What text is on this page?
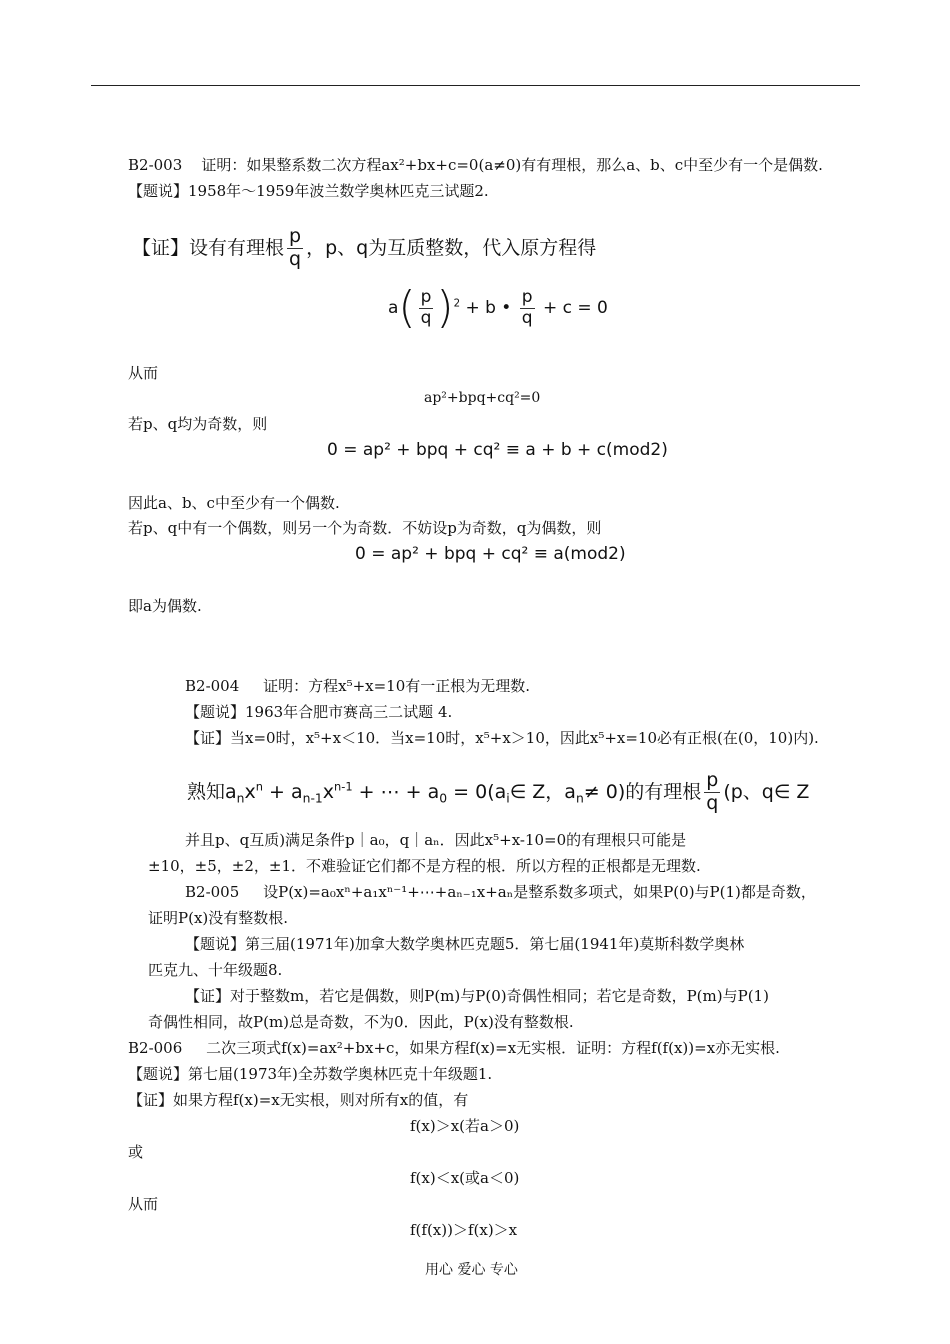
B2-003 证明：如果整系数二次方程ax²+bx+c=0(a≠0)有有理根，那么a、b、c中至少有一个是偶数.
【题说】1958年～1959年波兰数学奥林匹克三试题2.
【证】设有有理根 $\frac{p}{q}$ ，p、q为互质整数，代入原方程得
$a( \frac{p}{q} )^2 + b$ • $\frac{p}{q} + c = 0$
从而
ap²+bpq+cq²=0
若p、q均为奇数，则
0 = ap² + bpq + cq² ≡ a + b + c(mod2)
因此a、b、c中至少有一个偶数.
若p、q中有一个偶数，则另一个为奇数．不妨设p为奇数，q为偶数，则
0 = ap² + bpq + cq² ≡ a(mod2)
即a为偶数.
B2-004 证明：方程x⁵+x=10有一正根为无理数.
【题说】1963年合肥市赛高三二试题 4.
【证】当x=0时，x⁵+x＜10．当x=10时，x⁵+x＞10，因此x⁵+x=10必有正根(在(0，10)内).
熟知$a_nx^n + a_{n-1}x^{n-1}$ + ⋯ + $a_0$ = $0(a_i\in$ Z，$a_n\ne 0$)的有理根 $\frac{p}{q} (p$、q∈ Z
并且p、q互质)满足条件p｜a₀，q｜aₙ．因此x⁵+x-10=0的有理根只可能是
±10，±5，±2，±1．不难验证它们都不是方程的根．所以方程的正根都是无理数.
B2-005 设P(x)=a₀xⁿ+a₁xⁿ⁻¹+⋯+aₙ₋₁x+aₙ是整系数多项式，如果P(0)与P(1)都是奇数，
证明P(x)没有整数根.
【题说】第三届(1971年)加拿大数学奥林匹克题5．第七届(1941年)莫斯科数学奥林
匹克九、十年级题8.
【证】对于整数m，若它是偶数，则P(m)与P(0)奇偶性相同；若它是奇数，P(m)与P(1)
奇偶性相同，故P(m)总是奇数，不为0．因此，P(x)没有整数根.
B2-006 二次三项式f(x)=ax²+bx+c，如果方程f(x)=x无实根．证明：方程f(f(x))=x亦无实根.
【题说】第七届(1973年)全苏数学奥林匹克十年级题1.
【证】如果方程f(x)=x无实根，则对所有x的值，有
f(x)＞x(若a＞0)
或
f(x)＜x(或a＜0)
从而
f(f(x))＞f(x)＞x
用心 爱心 专心
